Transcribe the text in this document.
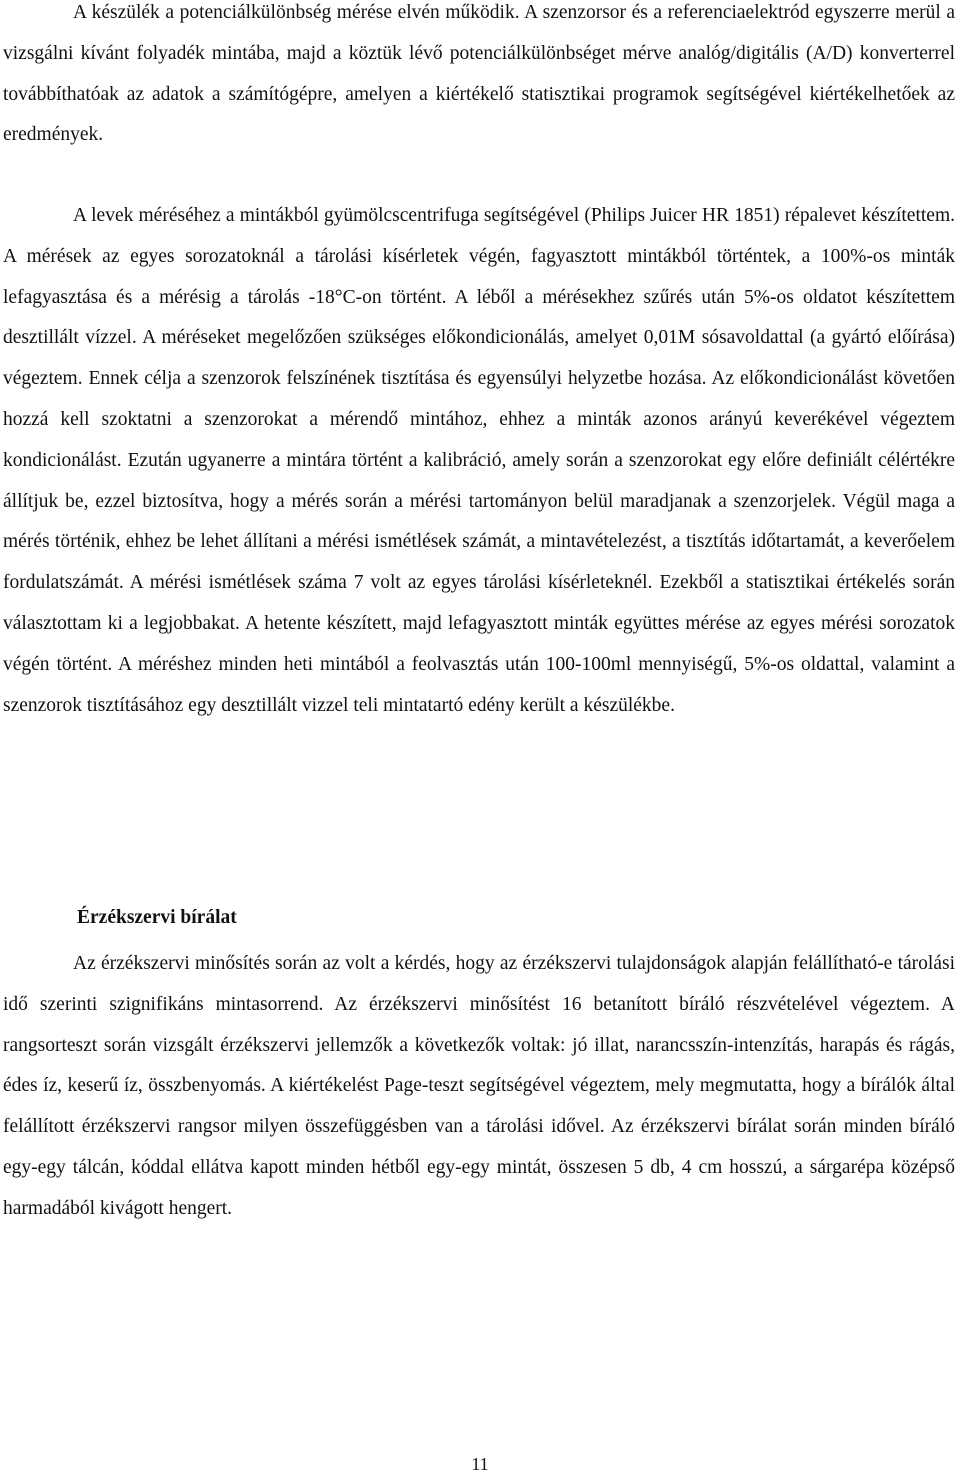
A készülék a potenciálkülönbség mérése elvén működik. A szenzorsor és a referenciaelektród egyszerre merül a vizsgálni kívánt folyadék mintába, majd a köztük lévő potenciálkülönbséget mérve analóg/digitális (A/D) konverterrel továbbíthatóak az adatok a számítógépre, amelyen a kiértékelő statisztikai programok segítségével kiértékelhetőek az eredmények.

A levek méréséhez a mintákból gyümölcscentrifuga segítségével (Philips Juicer HR 1851) répalevet készítettem. A mérések az egyes sorozatoknál a tárolási kísérletek végén, fagyasztott mintákból történtek, a 100%-os minták lefagyasztása és a mérésig a tárolás -18°C-on történt. A léből a mérésekhez szűrés után 5%-os oldatot készítettem desztillált vízzel. A méréseket megelőzően szükséges előkondicionálás, amelyet 0,01M sósavoldattal (a gyártó előírása) végeztem. Ennek célja a szenzorok felszínének tisztítása és egyensúlyi helyzetbe hozása. Az előkondicionálást követően hozzá kell szoktatni a szenzorokat a mérendő mintához, ehhez a minták azonos arányú keverékével végeztem kondicionálást. Ezután ugyanerre a mintára történt a kalibráció, amely során a szenzorokat egy előre definiált célértékre állítjuk be, ezzel biztosítva, hogy a mérés során a mérési tartományon belül maradjanak a szenzorjelek. Végül maga a mérés történik, ehhez be lehet állítani a mérési ismétlések számát, a mintavételezést, a tisztítás időtartamát, a keverőelem fordulatszámát. A mérési ismétlések száma 7 volt az egyes tárolási kísérleteknél. Ezekből a statisztikai értékelés során választottam ki a legjobbakat. A hetente készített, majd lefagyasztott minták együttes mérése az egyes mérési sorozatok végén történt. A méréshez minden heti mintából a feolvasztás után 100-100ml mennyiségű, 5%-os oldattal, valamint a szenzorok tisztításához egy desztillált vizzel teli mintatartó edény került a készülékbe.

Érzékszervi bírálat

Az érzékszervi minősítés során az volt a kérdés, hogy az érzékszervi tulajdonságok alapján felállítható-e tárolási idő szerinti szignifikáns mintasorrend. Az érzékszervi minősítést 16 betanított bíráló részvételével végeztem. A rangsorteszt során vizsgált érzékszervi jellemzők a következők voltak: jó illat, narancsszín-intenzítás, harapás és rágás, édes íz, keserű íz, összbenyomás. A kiértékelést Page-teszt segítségével végeztem, mely megmutatta, hogy a bírálók által felállított érzékszervi rangsor milyen összefüggésben van a tárolási idővel. Az érzékszervi bírálat során minden bíráló egy-egy tálcán, kóddal ellátva kapott minden hétből egy-egy mintát, összesen 5 db, 4 cm hosszú, a sárgarépa középső harmadából kivágott hengert.

11
